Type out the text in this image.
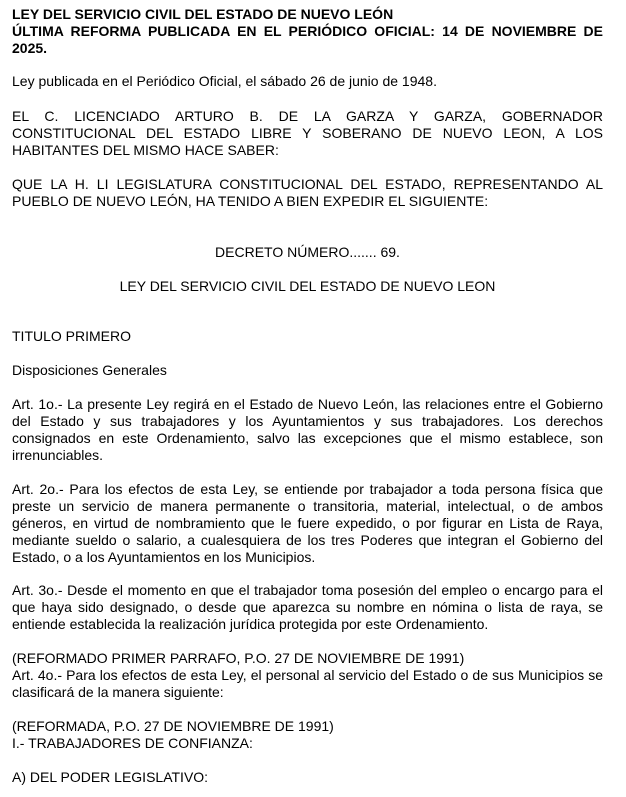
LEY DEL SERVICIO CIVIL DEL ESTADO DE NUEVO LEÓN

ÚLTIMA REFORMA PUBLICADA EN EL PERIÓDICO OFICIAL: 14 DE NOVIEMBRE DE 2025.

Ley publicada en el Periódico Oficial, el sábado 26 de junio de 1948.

EL C. LICENCIADO ARTURO B. DE LA GARZA Y GARZA, GOBERNADOR CONSTITUCIONAL DEL ESTADO LIBRE Y SOBERANO DE NUEVO LEON, A LOS HABITANTES DEL MISMO HACE SABER:

QUE LA H. LI LEGISLATURA CONSTITUCIONAL DEL ESTADO, REPRESENTANDO AL PUEBLO DE NUEVO LEÓN, HA TENIDO A BIEN EXPEDIR EL SIGUIENTE:

DECRETO NÚMERO....... 69.

LEY DEL SERVICIO CIVIL DEL ESTADO DE NUEVO LEON

TITULO PRIMERO

Disposiciones Generales

Art. 1o.- La presente Ley regirá en el Estado de Nuevo León, las relaciones entre el Gobierno del Estado y sus trabajadores y los Ayuntamientos y sus trabajadores. Los derechos consignados en este Ordenamiento, salvo las excepciones que el mismo establece, son irrenunciables.

Art. 2o.- Para los efectos de esta Ley, se entiende por trabajador a toda persona física que preste un servicio de manera permanente o transitoria, material, intelectual, o de ambos géneros, en virtud de nombramiento que le fuere expedido, o por figurar en Lista de Raya, mediante sueldo o salario, a cualesquiera de los tres Poderes que integran el Gobierno del Estado, o a los Ayuntamientos en los Municipios.

Art. 3o.- Desde el momento en que el trabajador toma posesión del empleo o encargo para el que haya sido designado, o desde que aparezca su nombre en nómina o lista de raya, se entiende establecida la realización jurídica protegida por este Ordenamiento.

(REFORMADO PRIMER PARRAFO, P.O. 27 DE NOVIEMBRE DE 1991)

Art. 4o.- Para los efectos de esta Ley, el personal al servicio del Estado o de sus Municipios se clasificará de la manera siguiente:

(REFORMADA, P.O. 27 DE NOVIEMBRE DE 1991)

I.- TRABAJADORES DE CONFIANZA:

A) DEL PODER LEGISLATIVO:
